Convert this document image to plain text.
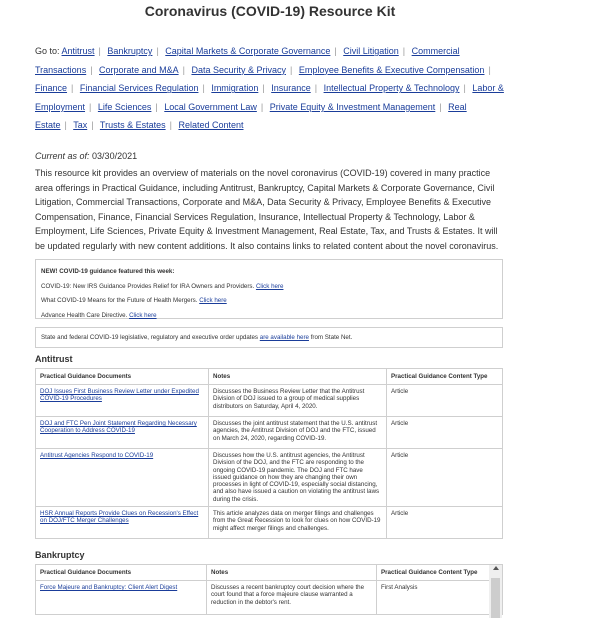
Coronavirus (COVID-19) Resource Kit
Go to: Antitrust | Bankruptcy | Capital Markets & Corporate Governance | Civil Litigation | Commercial Transactions | Corporate and M&A | Data Security & Privacy | Employee Benefits & Executive Compensation | Finance | Financial Services Regulation | Immigration | Insurance | Intellectual Property & Technology | Labor & Employment | Life Sciences | Local Government Law | Private Equity & Investment Management | Real Estate | Tax | Trusts & Estates | Related Content
Current as of: 03/30/2021
This resource kit provides an overview of materials on the novel coronavirus (COVID-19) covered in many practice area offerings in Practical Guidance, including Antitrust, Bankruptcy, Capital Markets & Corporate Governance, Civil Litigation, Commercial Transactions, Corporate and M&A, Data Security & Privacy, Employee Benefits & Executive Compensation, Finance, Financial Services Regulation, Insurance, Intellectual Property & Technology, Labor & Employment, Life Sciences, Private Equity & Investment Management, Real Estate, Tax, and Trusts & Estates. It will be updated regularly with new content additions. It also contains links to related content about the novel coronavirus.
NEW! COVID-19 guidance featured this week:
COVID-19: New IRS Guidance Provides Relief for IRA Owners and Providers. Click here
What COVID-19 Means for the Future of Health Mergers. Click here
Advance Health Care Directive. Click here
State and federal COVID-19 legislative, regulatory and executive order updates are available here from State Net.
Antitrust
Practical Guidance Documents	Notes	Practical Guidance Content Type
DOJ Issues First Business Review Letter under Expedited COVID-19 Procedures	Discusses the Business Review Letter that the Antitrust Division of DOJ issued to a group of medical supplies distributors on Saturday, April 4, 2020.	Article
DOJ and FTC Pen Joint Statement Regarding Necessary Cooperation to Address COVID-19	Discusses the joint antitrust statement that the U.S. antitrust agencies, the Antitrust Division of DOJ and the FTC, issued on March 24, 2020, regarding COVID-19.	Article
Antitrust Agencies Respond to COVID-19	Discusses how the U.S. antitrust agencies, the Antitrust Division of the DOJ, and the FTC are responding to the ongoing COVID-19 pandemic. The DOJ and FTC have issued guidance on how they are changing their own processes in light of COVID-19, especially social distancing, and also have issued a caution on violating the antitrust laws during the crisis.	Article
HSR Annual Reports Provide Clues on Recession's Effect on DOJ/FTC Merger Challenges	This article analyzes data on merger filings and challenges from the Great Recession to look for clues on how COVID-19 might affect merger filings and challenges.	Article
Bankruptcy
Practical Guidance Documents	Notes	Practical Guidance Content Type
Force Majeure and Bankruptcy: Client Alert Digest	Discusses a recent bankruptcy court decision where the court found that a force majeure clause warranted a reduction in the debtor's rent.	First Analysis
